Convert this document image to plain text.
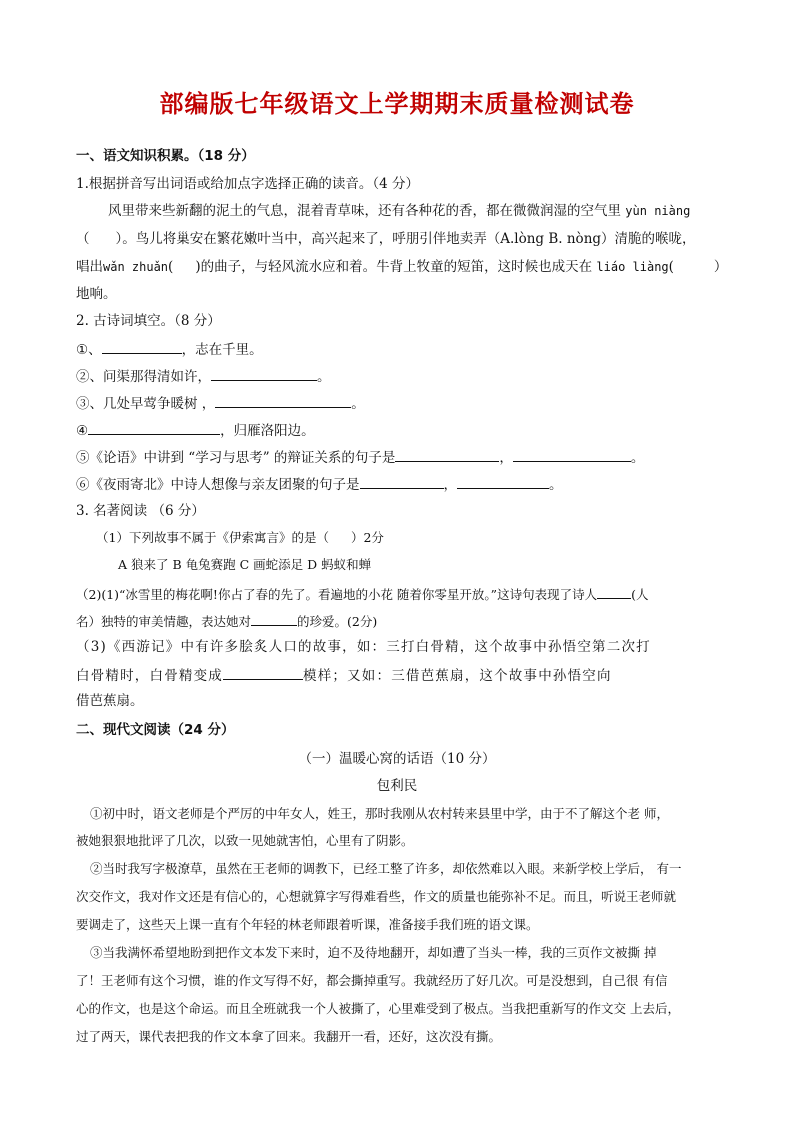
部编版七年级语文上学期期末质量检测试卷
一、语文知识积累。（18 分）
1.根据拼音写出词语或给加点字选择正确的读音。（4 分）
风里带来些新翻的泥土的气息，混着青草味，还有各种花的香，都在微微润湿的空气里 yùn niàng
（ ）。鸟儿将巢安在繁花嫩叶当中，高兴起来了，呼朋引伴地卖弄（A.lòng B. nòng）清脆的喉咙，
唱出wǎn zhuǎn( )的曲子，与轻风流水应和着。牛背上牧童的短笛，这时候也成天在 liáo liàng(	）
地响。
2. 古诗词填空。（8 分）
①、	，志在千里。
②、问渠那得清如许，	。
③、几处早莺争暖树 ，	。
④	，归雁洛阳边。
⑤《论语》中讲到 “学习与思考” 的辩证关系的句子是	，	。
⑥《夜雨寄北》中诗人想像与亲友团聚的句子是	，	。
3. 名著阅读 （6 分）
（1）下列故事不属于《伊索寓言》的是（ ）2分
A 狼来了 B 龟兔赛跑 C 画蛇添足 D 蚂蚁和蝉
（2)(1)“冰雪里的梅花啊!你占了春的先了。看遍地的小花 随着你零星开放。”这诗句表现了诗人	(人
名）独特的审美情趣，表达她对	的珍爱。(2分)
（3)《西游记》中有许多脍炙人口的故事，如：三打白骨精，这个故事中孙悟空第二次打
白骨精时，白骨精变成	模样；又如：三借芭蕉扇，这个故事中孙悟空向
借芭蕉扇。
二、现代文阅读（24 分）
（一）温暖心窝的话语（10 分）
包利民
①初中时，语文老师是个严厉的中年女人，姓王，那时我刚从农村转来县里中学，由于不了解这个老 师，
被她狠狠地批评了几次，以致一见她就害怕，心里有了阴影。
②当时我写字极潦草，虽然在王老师的调教下，已经工整了许多，却依然难以入眼。来新学校上学后， 有一
次交作文，我对作文还是有信心的，心想就算字写得难看些，作文的质量也能弥补不足。而且，听说王老师就
要调走了，这些天上课一直有个年轻的林老师跟着听课，准备接手我们班的语文课。
③当我满怀希望地盼到把作文本发下来时，迫不及待地翻开，却如遭了当头一棒，我的三页作文被撕 掉
了！王老师有这个习惯，谁的作文写得不好，都会撕掉重写。我就经历了好几次。可是没想到，自己很 有信
心的作文，也是这个命运。而且全班就我一个人被撕了，心里难受到了极点。当我把重新写的作文交 上去后，
过了两天，课代表把我的作文本拿了回来。我翻开一看，还好，这次没有撕。
